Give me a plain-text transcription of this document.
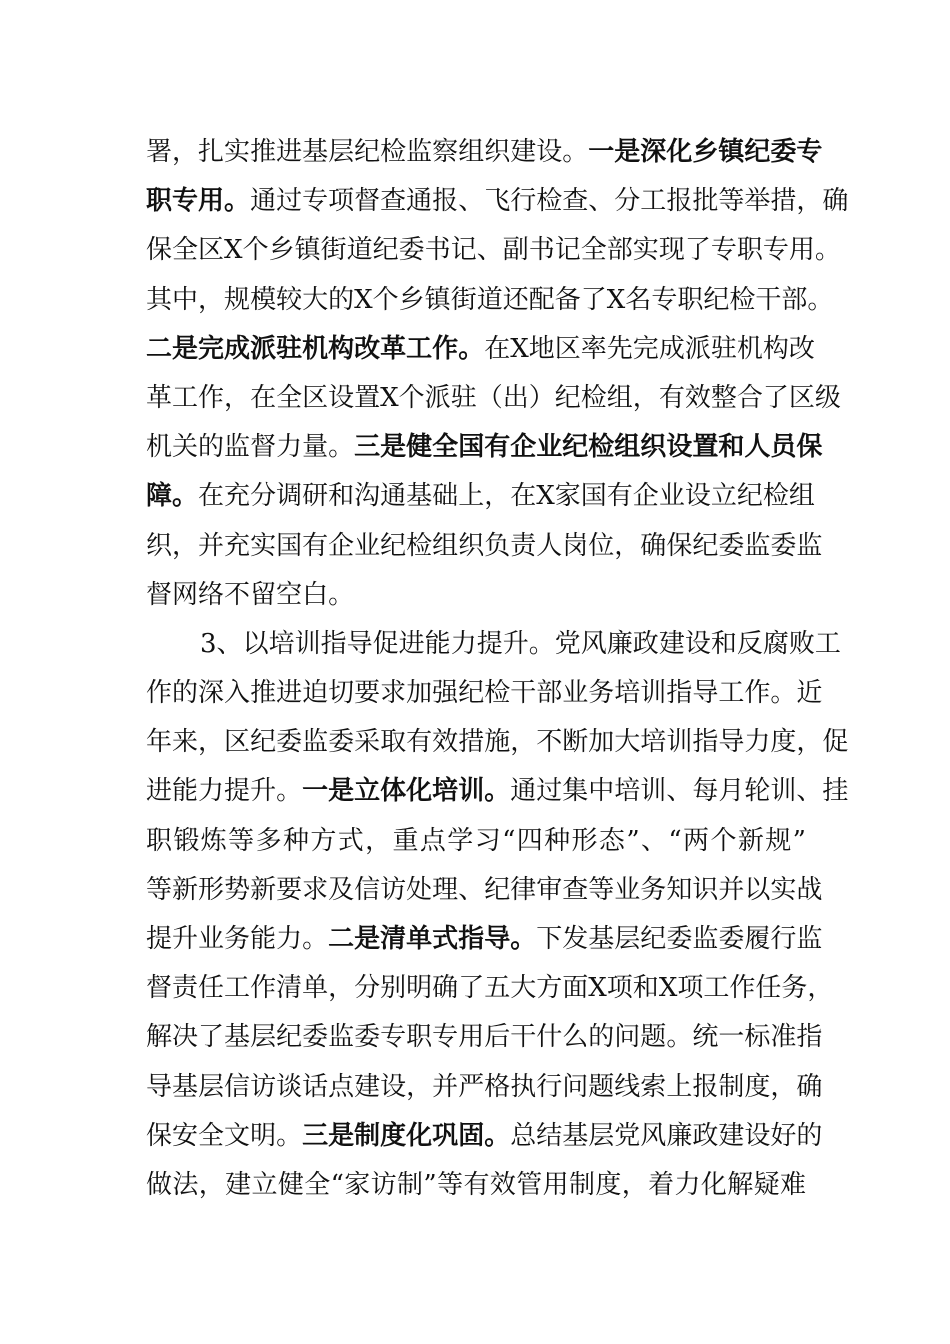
署 ， 扎 实 推 进 基 层 纪 检 监 察 组 织 建 设 。 一 是 深 化 乡 镇 纪 委 专
职 专 用 。 通 过 专 项 督 查 通 报 、 飞 行 检 查 、 分 工 报 批 等 举 措 ， 确
保 全 区 X 个 乡 镇 街 道 纪 委 书 记 、 副 书 记 全 部 实 现 了 专 职 专 用 。
其 中 ， 规 模 较 大 的 X 个 乡 镇 街 道 还 配 备 了 X 名 专 职 纪 检 干 部 。
二 是 完 成 派 驻 机 构 改 革 工 作 。 在 X 地 区 率 先 完 成 派 驻 机 构 改
革 工 作 ， 在 全 区 设 置 X 个 派 驻 （ 出 ） 纪 检 组 ， 有 效 整 合 了 区 级
机 关 的 监 督 力 量 。 三 是 健 全 国 有 企 业 纪 检 组 织 设 置 和 人 员 保
障 。 在 充 分 调 研 和 沟 通 基 础 上 ， 在 X 家 国 有 企 业 设 立 纪 检 组
织 ， 并 充 实 国 有 企 业 纪 检 组 织 负 责 人 岗 位 ， 确 保 纪 委 监 委 监
督 网 络 不 留 空 白 。
3 、 以 培 训 指 导 促 进 能 力 提 升 。 党 风 廉 政 建 设 和 反 腐 败 工
作 的 深 入 推 进 迫 切 要 求 加 强 纪 检 干 部 业 务 培 训 指 导 工 作 。 近
年 来 ， 区 纪 委 监 委 采 取 有 效 措 施 ， 不 断 加 大 培 训 指 导 力 度 ， 促
进 能 力 提 升 。 一 是 立 体 化 培 训 。 通 过 集 中 培 训 、 每 月 轮 训 、 挂
职 锻 炼 等 多 种 方 式 ， 重 点 学 习 “ 四 种 形 态 ” 、 “ 两 个 新 规 ”
等 新 形 势 新 要 求 及 信 访 处 理 、 纪 律 审 查 等 业 务 知 识 并 以 实 战
提 升 业 务 能 力 。 二 是 清 单 式 指 导 。 下 发 基 层 纪 委 监 委 履 行 监
督 责 任 工 作 清 单 ， 分 别 明 确 了 五 大 方 面 X 项 和 X 项 工 作 任 务 ，
解 决 了 基 层 纪 委 监 委 专 职 专 用 后 干 什 么 的 问 题 。 统 一 标 准 指
导 基 层 信 访 谈 话 点 建 设 ， 并 严 格 执 行 问 题 线 索 上 报 制 度 ， 确
保 安 全 文 明 。 三 是 制 度 化 巩 固 。 总 结 基 层 党 风 廉 政 建 设 好 的
做 法 ， 建 立 健 全 “ 家 访 制 ” 等 有 效 管 用 制 度 ， 着 力 化 解 疑 难
